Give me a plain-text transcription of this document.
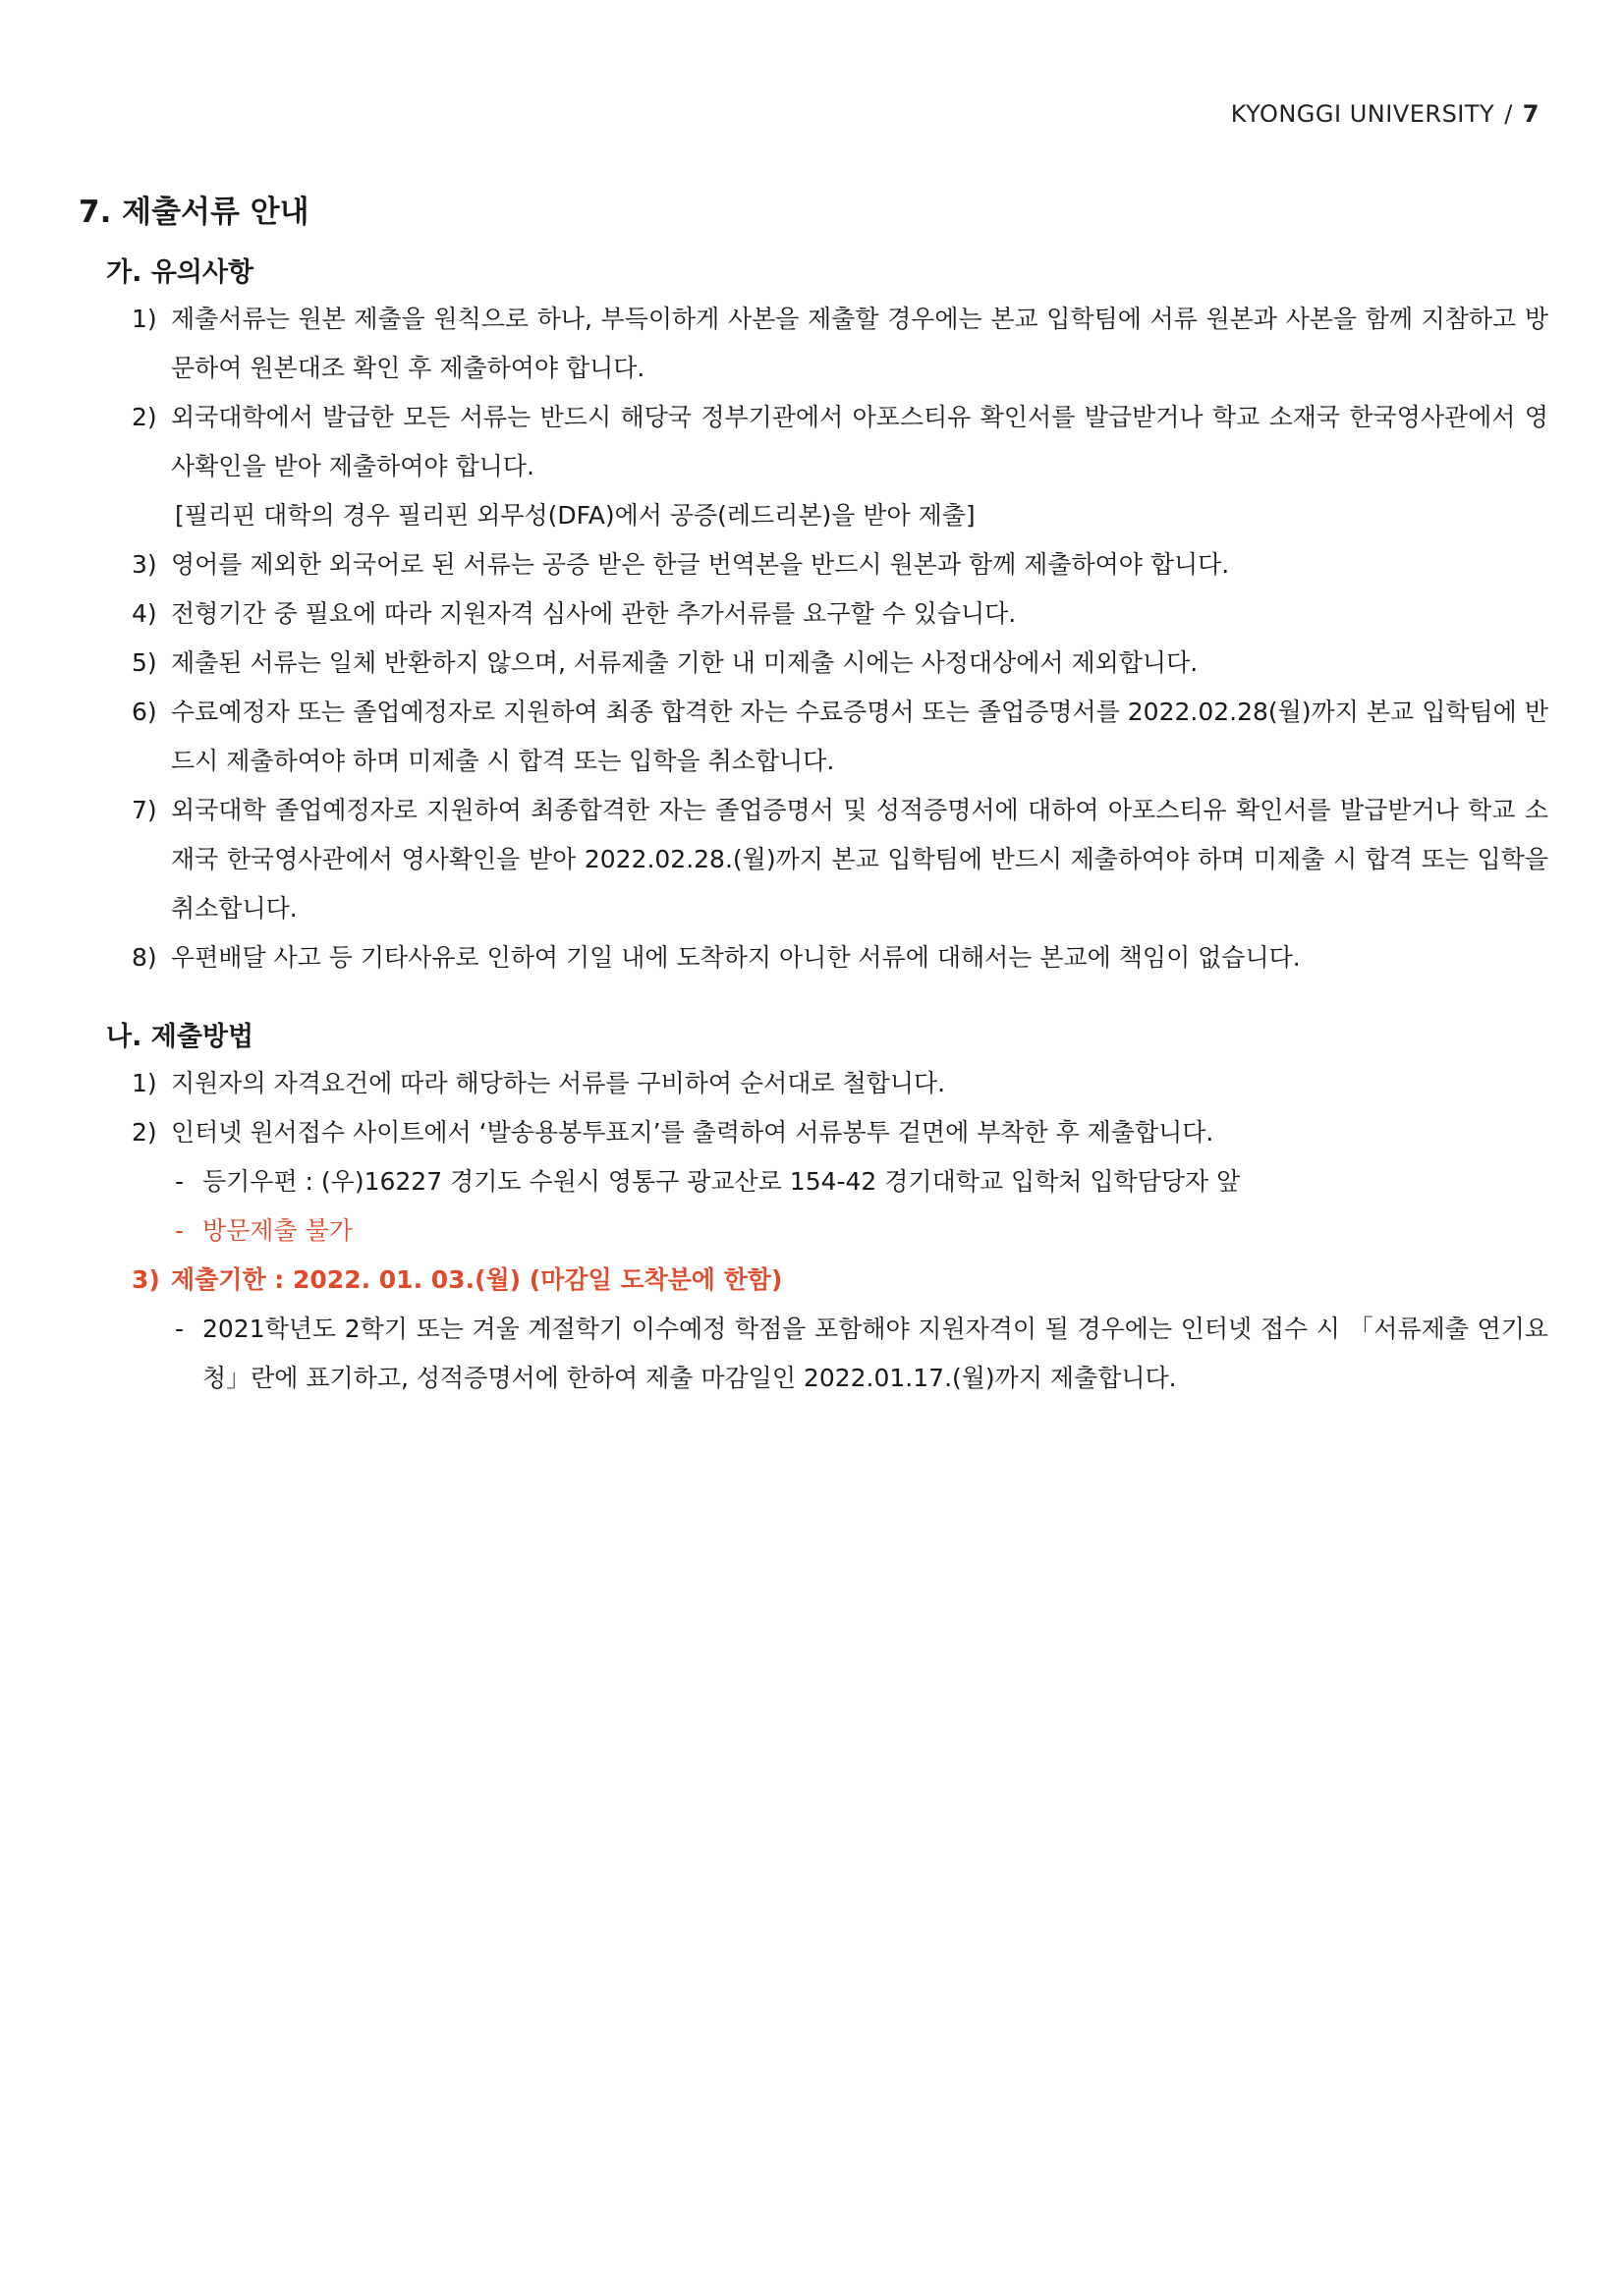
KYONGGI UNIVERSITY / 7
7. 제출서류 안내
가. 유의사항
1) 제출서류는 원본 제출을 원칙으로 하나, 부득이하게 사본을 제출할 경우에는 본교 입학팀에 서류 원본과 사본을 함께 지참하고 방문하여 원본대조 확인 후 제출하여야 합니다.
2) 외국대학에서 발급한 모든 서류는 반드시 해당국 정부기관에서 아포스티유 확인서를 발급받거나 학교 소재국 한국영사관에서 영사확인을 받아 제출하여야 합니다.
[필리핀 대학의 경우 필리핀 외무성(DFA)에서 공증(레드리본)을 받아 제출]
3) 영어를 제외한 외국어로 된 서류는 공증 받은 한글 번역본을 반드시 원본과 함께 제출하여야 합니다.
4) 전형기간 중 필요에 따라 지원자격 심사에 관한 추가서류를 요구할 수 있습니다.
5) 제출된 서류는 일체 반환하지 않으며, 서류제출 기한 내 미제출 시에는 사정대상에서 제외합니다.
6) 수료예정자 또는 졸업예정자로 지원하여 최종 합격한 자는 수료증명서 또는 졸업증명서를 2022.02.28(월)까지 본교 입학팀에 반드시 제출하여야 하며 미제출 시 합격 또는 입학을 취소합니다.
7) 외국대학 졸업예정자로 지원하여 최종합격한 자는 졸업증명서 및 성적증명서에 대하여 아포스티유 확인서를 발급받거나 학교 소재국 한국영사관에서 영사확인을 받아 2022.02.28.(월)까지 본교 입학팀에 반드시 제출하여야 하며 미제출 시 합격 또는 입학을 취소합니다.
8) 우편배달 사고 등 기타사유로 인하여 기일 내에 도착하지 아니한 서류에 대해서는 본교에 책임이 없습니다.
나. 제출방법
1) 지원자의 자격요건에 따라 해당하는 서류를 구비하여 순서대로 철합니다.
2) 인터넷 원서접수 사이트에서 ‘발송용봉투표지’를 출력하여 서류봉투 겉면에 부착한 후 제출합니다.
- 등기우편 : (우)16227 경기도 수원시 영통구 광교산로 154-42 경기대학교 입학처 입학담당자 앞
- 방문제출 불가
3) 제출기한 : 2022. 01. 03.(월) (마감일 도착분에 한함)
- 2021학년도 2학기 또는 겨울 계절학기 이수예정 학점을 포함해야 지원자격이 될 경우에는 인터넷 접수 시 「서류제출 연기요청」란에 표기하고, 성적증명서에 한하여 제출 마감일인 2022.01.17.(월)까지 제출합니다.
